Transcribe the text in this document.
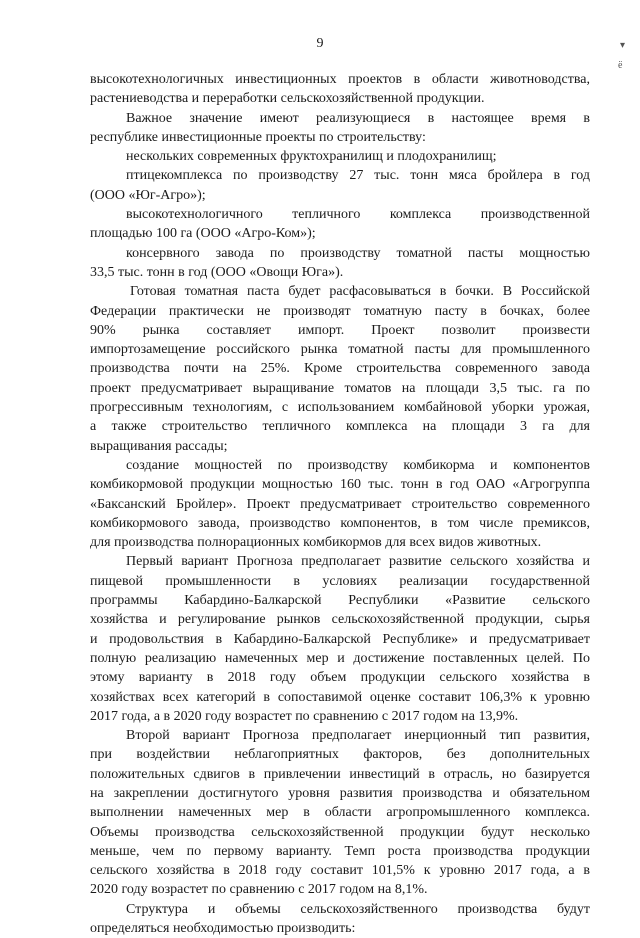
9	▾
ё
высокотехнологичных инвестиционных проектов в области животноводства,
растениеводства и переработки сельскохозяйственной продукции.
Важное значение имеют реализующиеся в настоящее время в
республике инвестиционные проекты по строительству:
нескольких современных фруктохранилищ и плодохранилищ;
птицекомплекса по производству 27 тыс. тонн мяса бройлера в год
(ООО «Юг-Агро»);
высокотехнологичного тепличного комплекса производственной
площадью 100 га (ООО «Агро-Ком»);
консервного завода по производству томатной пасты мощностью
33,5 тыс. тонн в год (ООО «Овощи Юга»).
Готовая томатная паста будет расфасовываться в бочки. В Российской
Федерации практически не производят томатную пасту в бочках, более
90% рынка составляет импорт. Проект позволит произвести
импортозамещение российского рынка томатной пасты для промышленного
производства почти на 25%. Кроме строительства современного завода
проект предусматривает выращивание томатов на площади 3,5 тыс. га по
прогрессивным технологиям, с использованием комбайновой уборки урожая,
а также строительство тепличного комплекса на площади 3 га для
выращивания рассады;
создание мощностей по производству комбикорма и компонентов
комбикормовой продукции мощностью 160 тыс. тонн в год ОАО «Агрогруппа
«Баксанский Бройлер». Проект предусматривает строительство современного
комбикормового завода, производство компонентов, в том числе премиксов,
для производства полнорационных комбикормов для всех видов животных.
Первый вариант Прогноза предполагает развитие сельского хозяйства и
пищевой промышленности в условиях реализации государственной
программы Кабардино-Балкарской Республики «Развитие сельского
хозяйства и регулирование рынков сельскохозяйственной продукции, сырья
и продовольствия в Кабардино-Балкарской Республике» и предусматривает
полную реализацию намеченных мер и достижение поставленных целей. По
этому варианту в 2018 году объем продукции сельского хозяйства в
хозяйствах всех категорий в сопоставимой оценке составит 106,3% к уровню
2017 года, а в 2020 году возрастет по сравнению с 2017 годом на 13,9%.
Второй вариант Прогноза предполагает инерционный тип развития,
при воздействии неблагоприятных факторов, без дополнительных
положительных сдвигов в привлечении инвестиций в отрасль, но базируется
на закреплении достигнутого уровня развития производства и обязательном
выполнении намеченных мер в области агропромышленного комплекса.
Объемы производства сельскохозяйственной продукции будут несколько
меньше, чем по первому варианту. Темп роста производства продукции
сельского хозяйства в 2018 году составит 101,5% к уровню 2017 года, а в
2020 году возрастет по сравнению с 2017 годом на 8,1%.
Структура и объемы сельскохозяйственного производства будут
определяться необходимостью производить:
